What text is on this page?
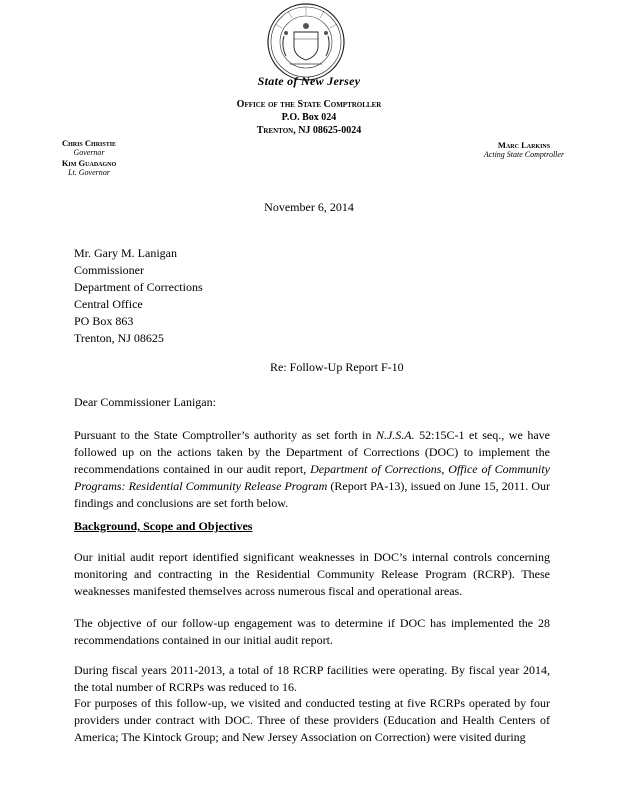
State of New Jersey
Office of the State Comptroller
P.O. Box 024
Trenton, NJ 08625-0024
Chris Christie
Governor
Kim Guadagno
Lt. Governor
Marc Larkins
Acting State Comptroller
November 6, 2014
Mr. Gary M. Lanigan
Commissioner
Department of Corrections
Central Office
PO Box 863
Trenton, NJ 08625
Re: Follow-Up Report F-10
Dear Commissioner Lanigan:
Pursuant to the State Comptroller’s authority as set forth in N.J.S.A. 52:15C-1 et seq., we have followed up on the actions taken by the Department of Corrections (DOC) to implement the recommendations contained in our audit report, Department of Corrections, Office of Community Programs: Residential Community Release Program (Report PA-13), issued on June 15, 2011. Our findings and conclusions are set forth below.
Background, Scope and Objectives
Our initial audit report identified significant weaknesses in DOC’s internal controls concerning monitoring and contracting in the Residential Community Release Program (RCRP). These weaknesses manifested themselves across numerous fiscal and operational areas.
The objective of our follow-up engagement was to determine if DOC has implemented the 28 recommendations contained in our initial audit report.
During fiscal years 2011-2013, a total of 18 RCRP facilities were operating. By fiscal year 2014, the total number of RCRPs was reduced to 16.
For purposes of this follow-up, we visited and conducted testing at five RCRPs operated by four providers under contract with DOC. Three of these providers (Education and Health Centers of America; The Kintock Group; and New Jersey Association on Correction) were visited during
